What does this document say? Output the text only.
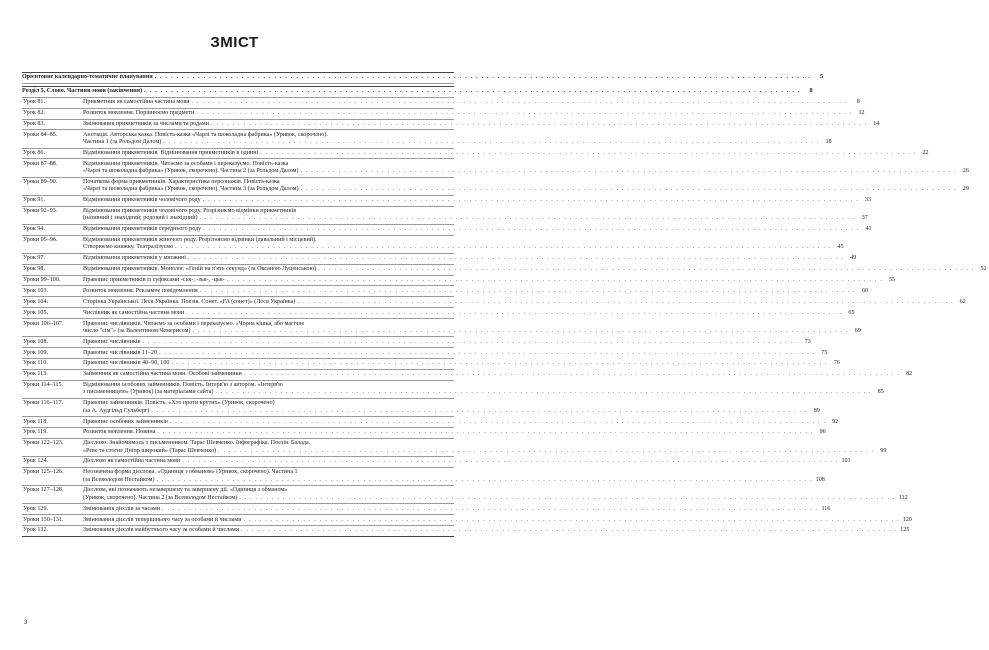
ЗМІСТ
Орієнтовне календарно-тематичне планування . . .	5
Розділ 5. Слово. Частини мови (закінчення) . . .	8
Урок 81.	Прикметник як самостійна частина мови . . .	8
Урок 82.	Розвиток мовлення. Порівнюємо предмети . . .	12
Урок 83.	Змінювання прикметників за числами та родами . . .	14
Уроки 84–85.	Анотація. Авторська казка. Повість-казка «Чарлі та шоколадна фабрика» (Уривок, скорочено).
Частина 1 (за Рольдом Далом) . . .	18
Урок 86.	Відмінювання прикметників. Відмінювання прикметників в однині . . .	22
Уроки 87–88.	Відмінювання прикметників. Читаємо за особами і переказуємо. Повість-казка
«Чарлі та шоколадна фабрика» (Уривок, скорочено). Частина 2 (за Рольдом Далом) . . .	26
Уроки 89–90.	Початкова форма прикметників. Характеристика персонажів. Повість-казка
«Чарлі та шоколадна фабрика» (Уривок, скорочено). Частина 3 (за Рольдом Далом) . . .	29
Урок 91.	Відмінювання прикметників чоловічого роду . . .	33
Уроки 92–93.	Відмінювання прикметників чоловічого роду. Розрізняємо відмінки прикметників
(називний і знахідний; родовий і знахідний) . . .	37
Урок 94.	Відмінювання прикметників середнього роду . . .	41
Уроки 95–96.	Відмінювання прикметників жіночого роду. Розрізняємо відмінки (давальний і місцевий).
Створюємо книжку. Театралізуємо . . .	45
Урок 97.	Відмінювання прикметників у множині . . .	49
Урок 98.	Відмінювання прикметників. Монолог. «Геній на п'ять секунд» (за Оксаною Луценською) . . .	52
Уроки 99–100.	Правопис прикметників із суфіксами -ськ-, -зьк-, -цьк- . . .	55
Урок 103.	Розвиток мовлення. Рекламне повідомлення . . .	60
Урок 104.	Сторінка Української. Леся Українка. Поезія. Сонет. «FA (сонет)» (Леся Українка) . . .	62
Урок 105.	Числівник як самостійна частина мови . . .	65
Уроки 106–107.	Правопис числівників. Читаємо за особами і переказуємо. «Чорна кішка, або магічне
число "сім"» (за Валентином Чемерисом) . . .	69
Урок 108.	Правопис числівників . . .	73
Урок 109.	Правопис числівників 11–20 . . .	75
Урок 110.	Правопис числівників 40–90, 100 . . .	76
Урок 113.	Займенник як самостійна частина мови. Особові займенники . . .	82
Уроки 114–115.	Відмінювання особових займенників. Повість. Інтерв'ю з автором. «Інтерв'ю
з письменницею» (Уривок) (за матеріалами сайта) . . .	85
Уроки 116–117.	Правопис займенників. Повість. «Хто проти крутих» (Уривок, скорочено)
(за А. Аудгільд Сульберг) . . .	89
Урок 118.	Правопис особових займенників . . .	92
Урок 119.	Розвиток мовлення. Новина . . .	96
Уроки 122–123.	Дієслово. Знайомимось з письменником. Тарас Шевченко. Інфографіка. Поезія. Балада.
«Реве та стогне Дніпр широкий» (Тарас Шевченко) . . .	99
Урок 124.	Дієслово як самостійна частина мови . . .	103
Уроки 125–126.	Неозначена форма дієслова. «Одиниця з обманом» (Уривок, скорочено). Частина 1
(за Всеволодом Нестайком) . . .	108
Уроки 127–128.	Дієслова, які позначають незавершену та завершену дії. «Одиниця з обманом»
(Уривок, скорочено). Частина 2 (за Всеволодом Нестайком) . . .	112
Урок 129.	Змінювання дієслів за часами . . .	116
Уроки 130–131.	Змінювання дієслів теперішнього часу за особами й числами . . .	120
Урок 132.	Змінювання дієслів майбутнього часу за особами й числами . . .	125
3
